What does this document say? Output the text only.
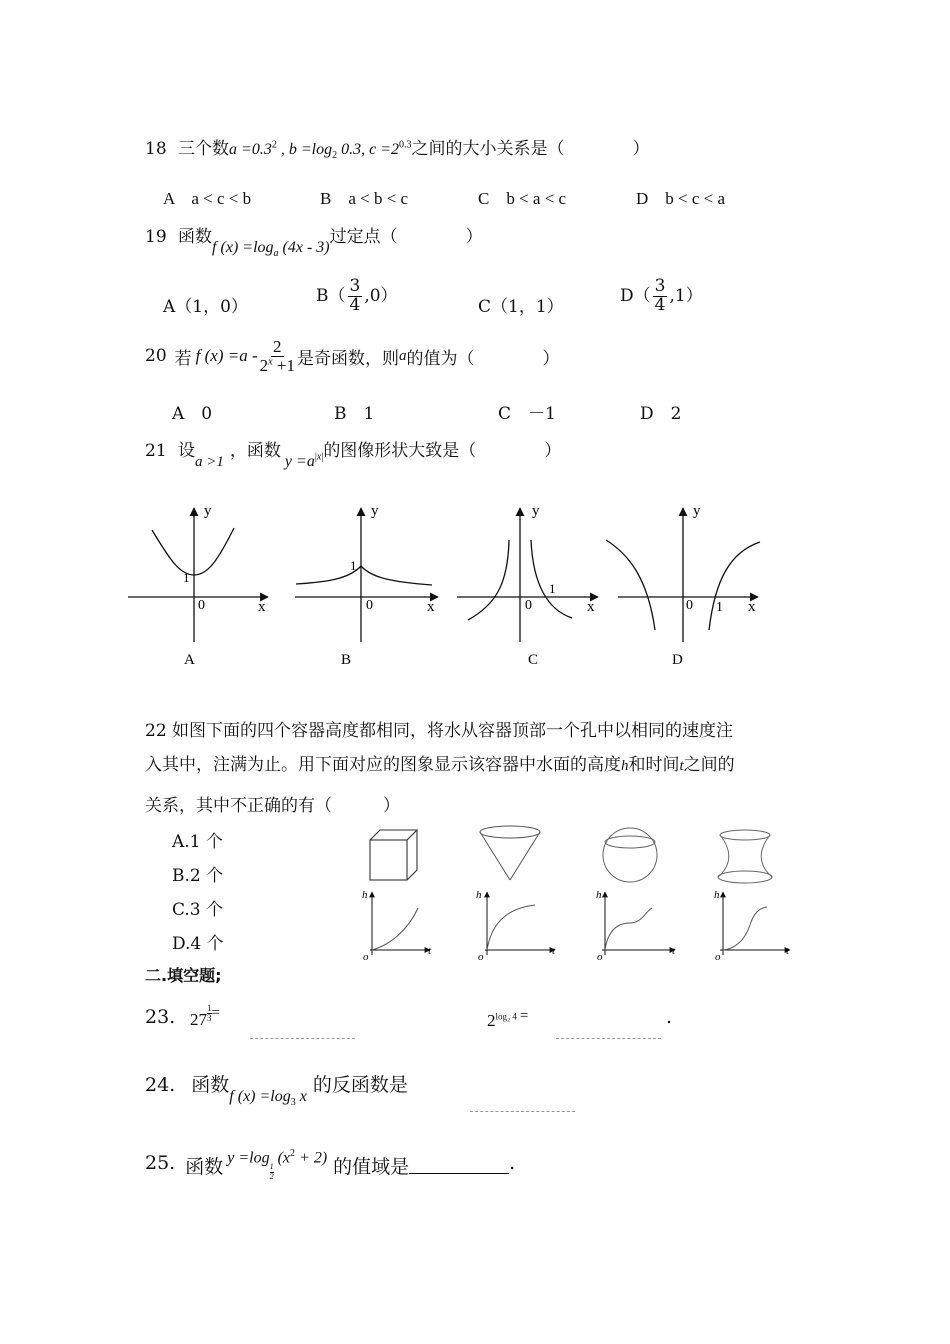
18 三个数$a =0.3^2$ , $b =\log_2$ 0.3, $c =2^{0.3}$之间的大小关系是（　　　　）
A　a < c < b	B　a < b < c	C　b < a < c	D　b < c < a
19 函数f $(x) =\log_a$ (4x - 3)过定点（　　　　）
A（1，0）
$B( \frac{3}{4} ,0)$
C（1，1）
$D( \frac{3}{4} ,1)$
20 若 f $(x) =a - \frac{2}{2^x +1}$ 是奇函数，则 a 的值为（　　　　）
A　0	B　1	C　－1	D　2
21 设a >1，函数$y =a^{|x|}$的图像形状大致是（　　　　）
y
x
0
1
A
y
x
0
1
B
y
x
0
1
C
y
x
0 1
D
22 如图下面的四个容器高度都相同，将水从容器顶部一个孔中以相同的速度注
入其中，注满为止。用下面对应的图象显示该容器中水面的高度h和时间t之间的
关系，其中不正确的有（　　　）
A.1 个
B.2 个
C.3 个
D.4 个
h
t
o
h
t
o
h
t
o
h
t
o
二.填空题;
23. $27 \frac{1}{3}$ =	$2^{log_2 4}$ =	.
24. 函数$_{f (x) =log_3 x}$的反函数是
25. 函数 y =log
$\frac{1}{2}$
$(x^2 + 2)$ 的值域是	.
